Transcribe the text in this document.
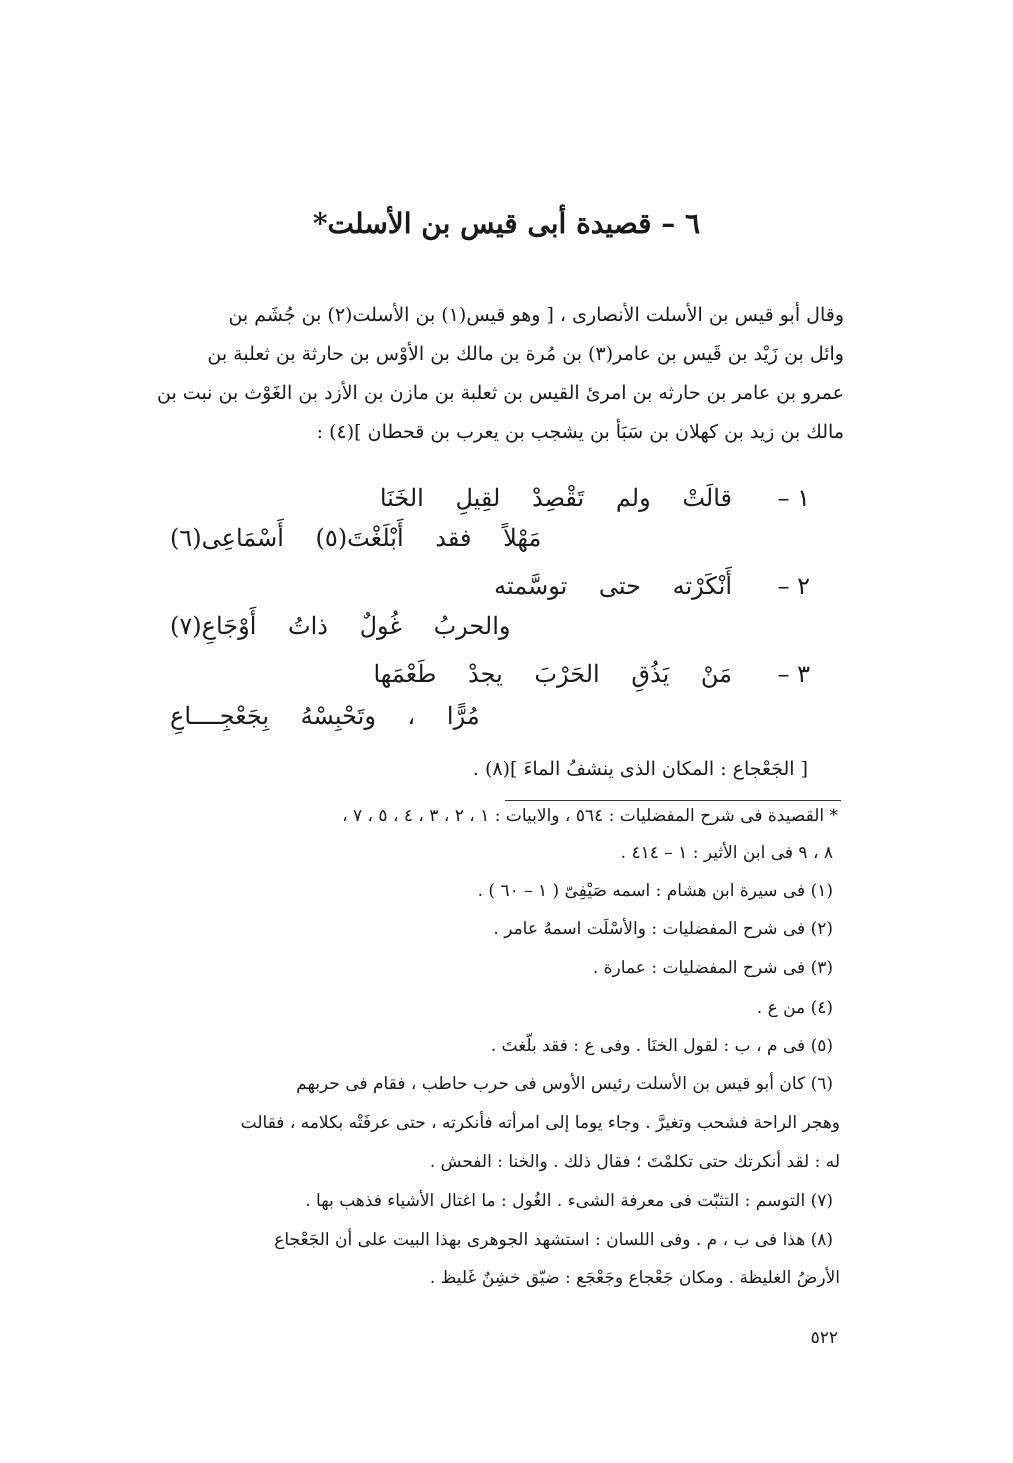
٦ – قصيدة أبى قيس بن الأسلت*

وقال أبو قيس بن الأسلت الأنصارى ، [ وهو قيس(١) بن الأسلت(٢) بن جُشَم بن
وائل بن زَيْد بن قَيس بن عامر(٣) بن مُرة بن مالك بن الأوْس بن حارثة بن ثعلبة بن
عمرو بن عامر بن حارثه بن امرئ القيس بن ثعلبة بن مازن بن الأزد بن الغَوْث بن نبت بن
مالك بن زيد بن كهلان بن سَبَأ بن يشجب بن يعرب بن قحطان ](٤) :

١ –
قالَتْ ولم تَقْصِدْ لقِيلِ الخَنَا
مَهْلاً فقد أَبْلَغْتَ(٥) أَسْمَاعِى(٦)
٢ –
أَنْكَرْته حتى توسَّمته
والحربُ غُولٌ ذاتُ أَوْجَاعِ(٧)
٣ –
مَنْ يَذُقِ الحَرْبَ يجدْ طَعْمَها
مُرًّا ، وتَحْبِسْهُ بِجَعْجِــــاعِ
[ الجَعْجاع : المكان الذى ينشفُ الماءَ ](٨) .
* القصيدة فى شرح المفضليات : ٥٦٤ ، والابيات : ١ ، ٢ ، ٣ ، ٤ ، ٥ ، ٧ ،
٨ ، ٩ فى ابن الأثير : ١ – ٤١٤ .
(١) فى سيرة ابن هشام : اسمه صَيْفِىّ ( ١ – ٦٠ ) .
(٢) فى شرح المفضليات : والأسْلَت اسمهُ عامر .
(٣) فى شرح المفضليات : عمارة .
(٤) من ع .
(٥) فى م ، ب : لقول الخنَا . وفى ع : فقد بلّغتَ .
(٦) كان أبو قيس بن الأسلت رئيس الأوس فى حرب حاطب ، فقام فى حربهم
وهجر الراحة فشحب وتغيرَّ . وجاء يوما إلى امرأته فأنكرته ، حتى عرفَتْه بكلامه ، فقالت
له : لقد أنكرتك حتى تكلمْتَ ؛ فقال ذلك . والخنا : الفحش .
(٧) التوسم : التثبّت فى معرفة الشىء . الغُول : ما اغتال الأشياء فذهب بها .
(٨) هذا فى ب ، م . وفى اللسان : استشهد الجوهرى بهذا البيت على أن الجَعْجاع
الأرضُ الغليظة . ومكان جَعْجاع وجَعْجَع : ضيّق خشِنٌ غَليظ .
٥٢٢
